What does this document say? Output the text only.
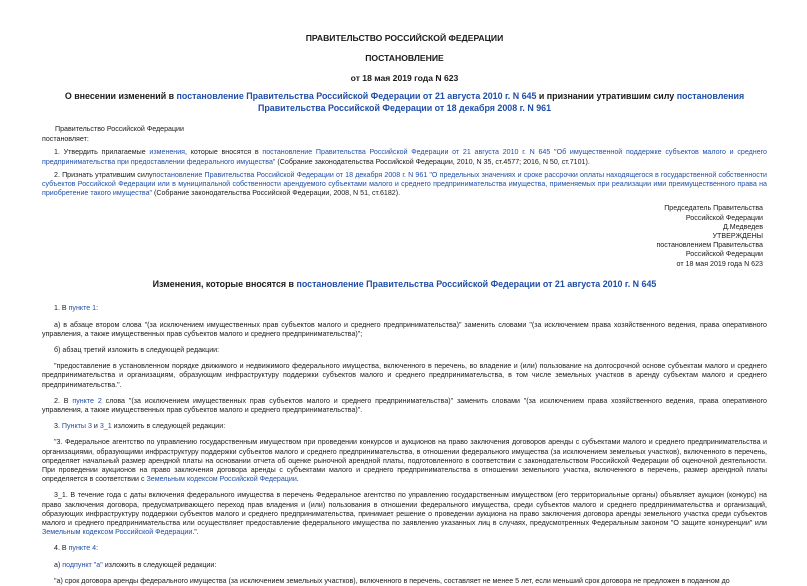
ПРАВИТЕЛЬСТВО РОССИЙСКОЙ ФЕДЕРАЦИИ

ПОСТАНОВЛЕНИЕ

от 18 мая 2019 года N 623

О внесении изменений в постановление Правительства Российской Федерации от 21 августа 2010 г. N 645 и признании утратившим силу постановления Правительства Российской Федерации от 18 декабря 2008 г. N 961

Правительство Российской Федерации

постановляет:

1. Утвердить прилагаемые изменения, которые вносятся в постановление Правительства Российской Федерации от 21 августа 2010 г. N 645 "Об имущественной поддержке субъектов малого и среднего предпринимательства при предоставлении федерального имущества" (Собрание законодательства Российской Федерации, 2010, N 35, ст.4577; 2016, N 50, ст.7101).

2. Признать утратившим силупостановление Правительства Российской Федерации от 18 декабря 2008 г. N 961 "О предельных значениях и сроке рассрочки оплаты находящегося в государственной собственности субъектов Российской Федерации или в муниципальной собственности арендуемого субъектами малого и среднего предпринимательства имущества, применяемых при реализации ими преимущественного права на приобретение такого имущества" (Собрание законодательства Российской Федерации, 2008, N 51, ст.6182).

Председатель Правительства

Российской Федерации

Д.Медведев

УТВЕРЖДЕНЫ

постановлением Правительства

Российской Федерации

от 18 мая 2019 года N 623

Изменения, которые вносятся в постановление Правительства Российской Федерации от 21 августа 2010 г. N 645

1. В пункте 1:

а) в абзаце втором слова "(за исключением имущественных прав субъектов малого и среднего предпринимательства)" заменить словами "(за исключением права хозяйственного ведения, права оперативного управления, а также имущественных прав субъектов малого и среднего предпринимательства)";

б) абзац третий изложить в следующей редакции:

"предоставление в установленном порядке движимого и недвижимого федерального имущества, включенного в перечень, во владение и (или) пользование на долгосрочной основе субъектам малого и среднего предпринимательства и организациям, образующим инфраструктуру поддержки субъектов малого и среднего предпринимательства, в том числе земельных участков в аренду субъектам малого и среднего предпринимательства.".

2. В пункте 2 слова "(за исключением имущественных прав субъектов малого и среднего предпринимательства)" заменить словами "(за исключением права хозяйственного ведения, права оперативного управления, а также имущественных прав субъектов малого и среднего предпринимательства)".

3. Пункты 3 и 3_1 изложить в следующей редакции:

"3. Федеральное агентство по управлению государственным имуществом при проведении конкурсов и аукционов на право заключения договоров аренды с субъектами малого и среднего предпринимательства и организациями, образующими инфраструктуру поддержки субъектов малого и среднего предпринимательства, в отношении федерального имущества (за исключением земельных участков), включенного в перечень, определяет начальный размер арендной платы на основании отчета об оценке рыночной арендной платы, подготовленного в соответствии с законодательством Российской Федерации об оценочной деятельности. При проведении аукционов на право заключения договора аренды с субъектами малого и среднего предпринимательства в отношении земельного участка, включенного в перечень, размер арендной платы определяется в соответствии с Земельным кодексом Российской Федерации.

3_1. В течение года с даты включения федерального имущества в перечень Федеральное агентство по управлению государственным имуществом (его территориальные органы) объявляет аукцион (конкурс) на право заключения договора, предусматривающего переход прав владения и (или) пользования в отношении федерального имущества, среди субъектов малого и среднего предпринимательства и организаций, образующих инфраструктуру поддержки субъектов малого и среднего предпринимательства, принимает решение о проведении аукциона на право заключения договора аренды земельного участка среди субъектов малого и среднего предпринимательства или осуществляет предоставление федерального имущества по заявлению указанных лиц в случаях, предусмотренных Федеральным законом "О защите конкуренции" или Земельным кодексом Российской Федерации.".

4. В пункте 4:

а) подпункт "а" изложить в следующей редакции:

"а) срок договора аренды федерального имущества (за исключением земельных участков), включенного в перечень, составляет не менее 5 лет, если меньший срок договора не предложен в поданном до
